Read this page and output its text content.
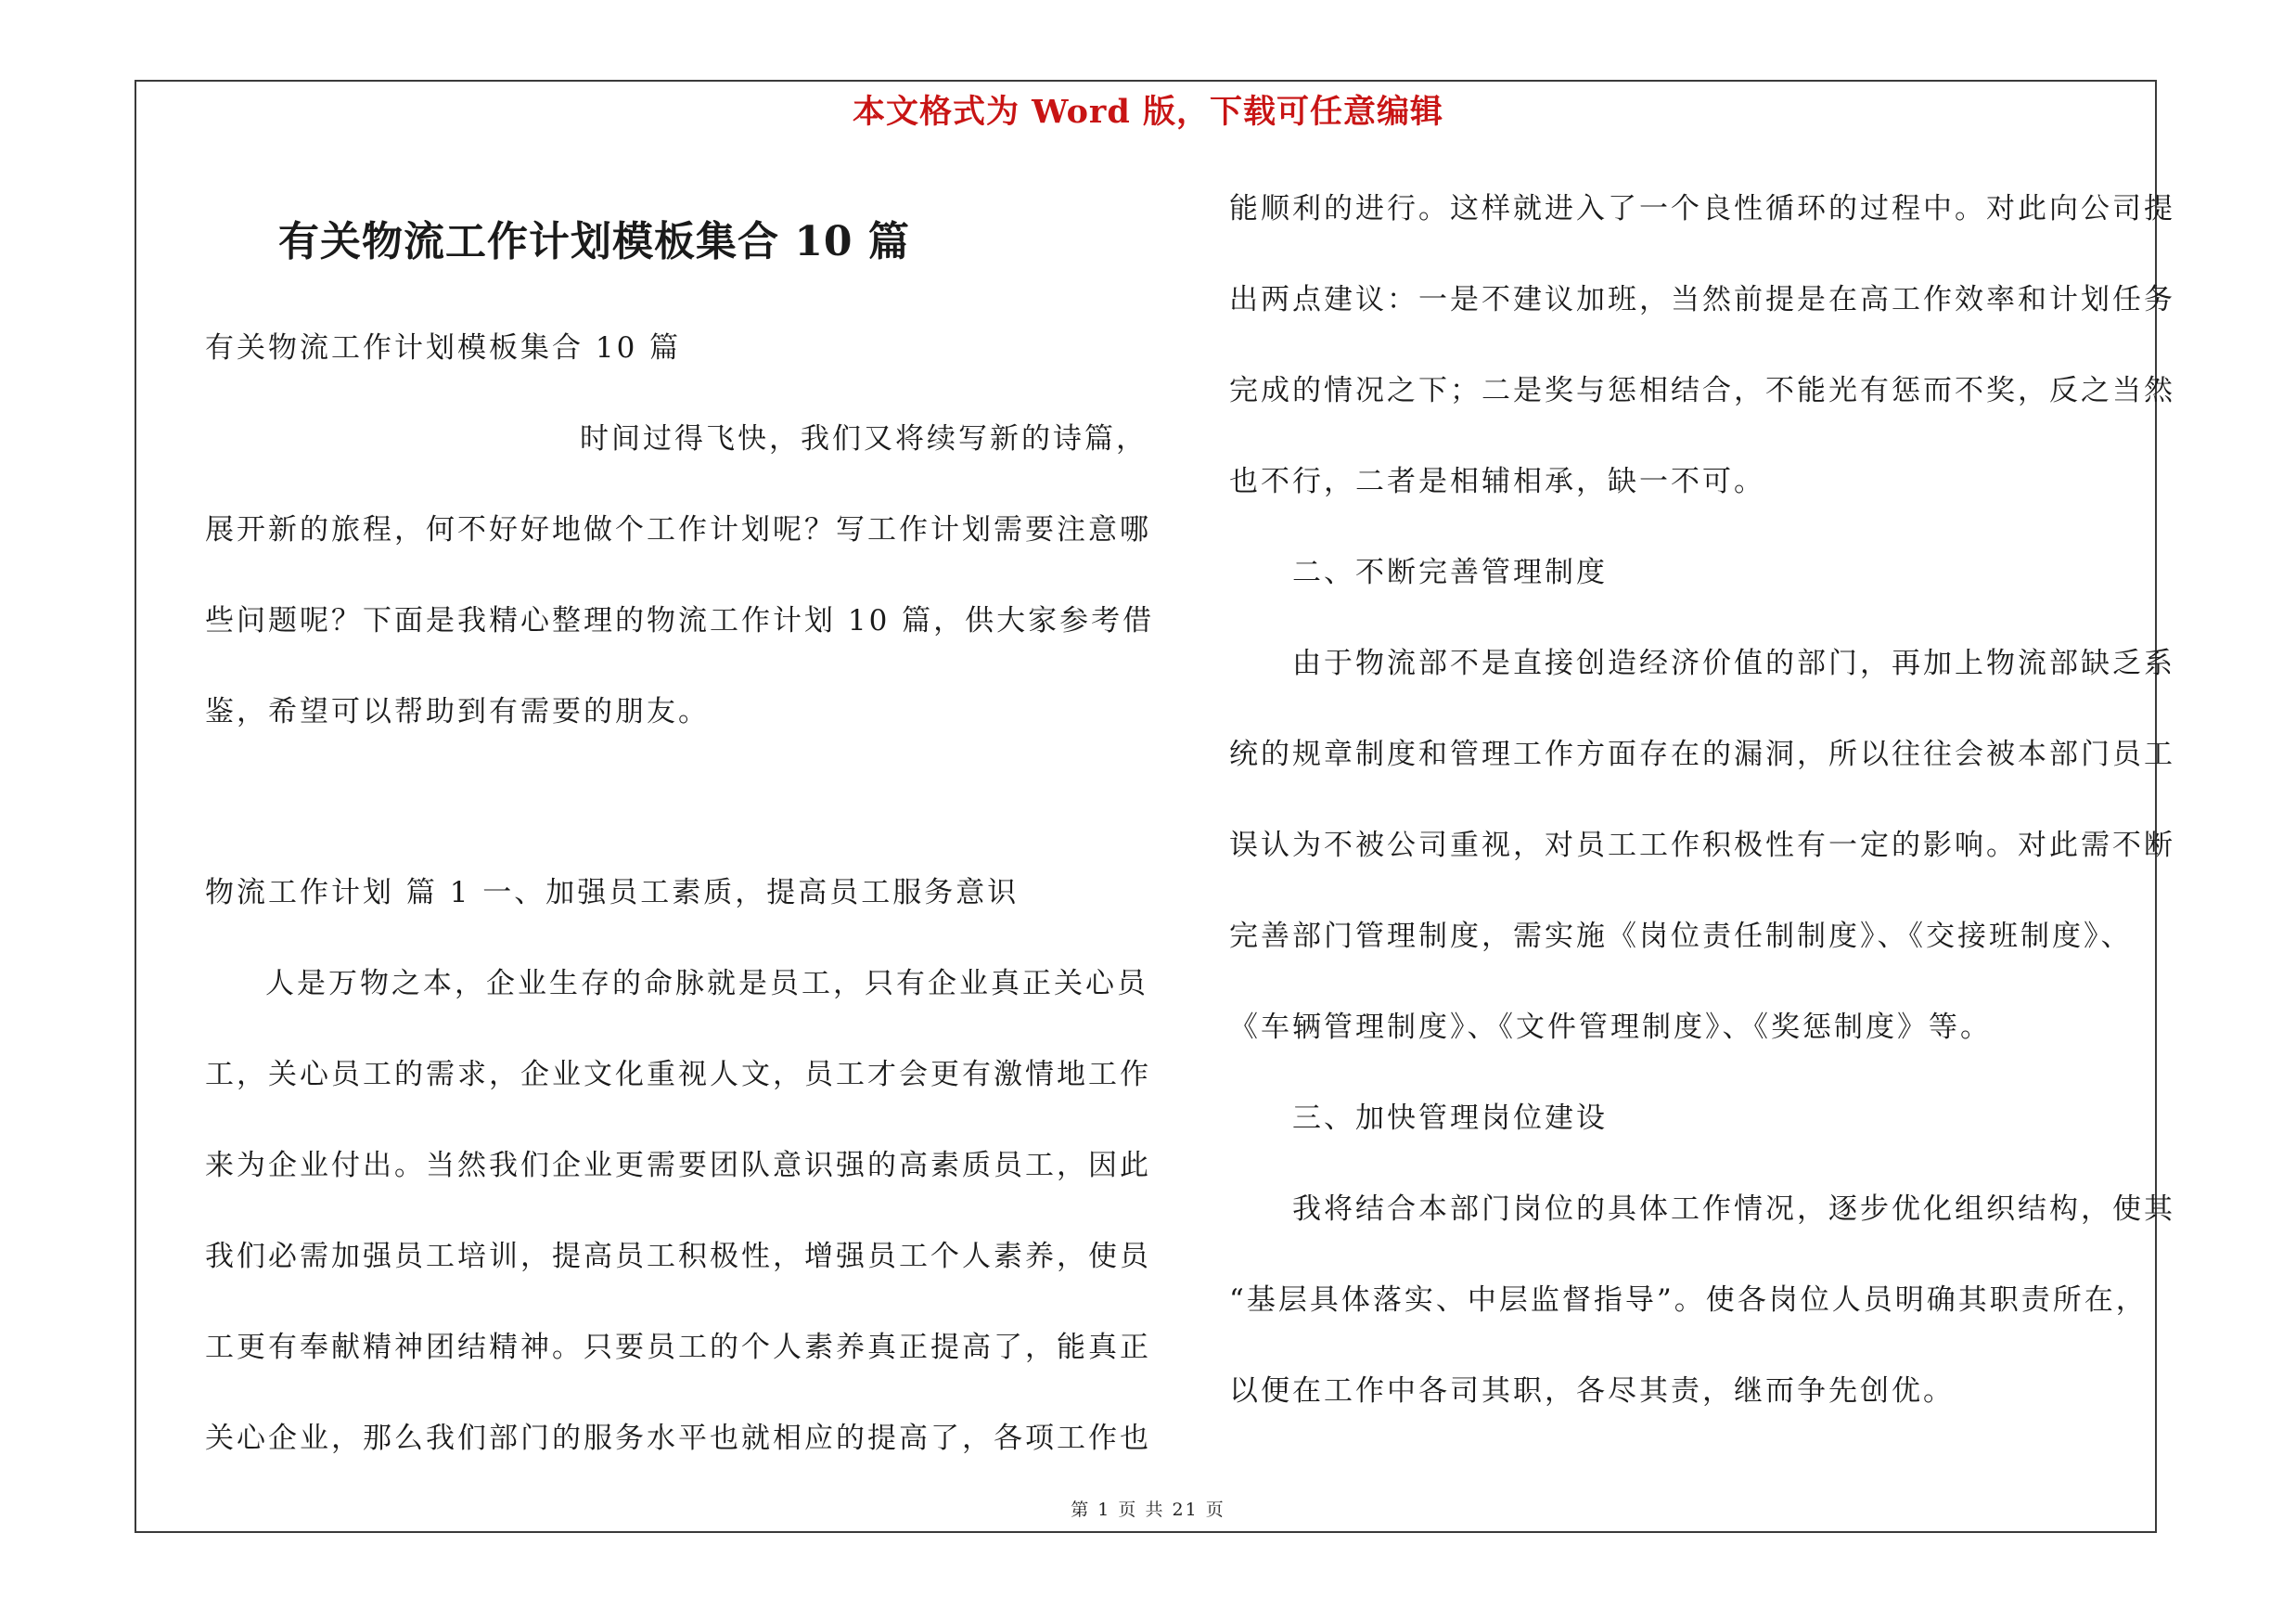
本文格式为 Word 版，下载可任意编辑
有关物流工作计划模板集合 10 篇
有关物流工作计划模板集合 10 篇
时间过得飞快，我们又将续写新的诗篇，
展开新的旅程，何不好好地做个工作计划呢？写工作计划需要注意哪
些问题呢？下面是我精心整理的物流工作计划 10 篇，供大家参考借
鉴，希望可以帮助到有需要的朋友。
物流工作计划 篇 1 一、加强员工素质，提高员工服务意识
人是万物之本，企业生存的命脉就是员工，只有企业真正关心员
工，关心员工的需求，企业文化重视人文，员工才会更有激情地工作
来为企业付出。当然我们企业更需要团队意识强的高素质员工，因此
我们必需加强员工培训，提高员工积极性，增强员工个人素养，使员
工更有奉献精神团结精神。只要员工的个人素养真正提高了，能真正
关心企业，那么我们部门的服务水平也就相应的提高了，各项工作也
能顺利的进行。这样就进入了一个良性循环的过程中。对此向公司提
出两点建议：一是不建议加班，当然前提是在高工作效率和计划任务
完成的情况之下；二是奖与惩相结合，不能光有惩而不奖，反之当然
也不行，二者是相辅相承，缺一不可。
二、不断完善管理制度
由于物流部不是直接创造经济价值的部门，再加上物流部缺乏系
统的规章制度和管理工作方面存在的漏洞，所以往往会被本部门员工
误认为不被公司重视，对员工工作积极性有一定的影响。对此需不断
完善部门管理制度，需实施《岗位责任制制度》、《交接班制度》、
《车辆管理制度》、《文件管理制度》、《奖惩制度》等。
三、加快管理岗位建设
我将结合本部门岗位的具体工作情况，逐步优化组织结构，使其
“基层具体落实、中层监督指导”。使各岗位人员明确其职责所在，
以便在工作中各司其职，各尽其责，继而争先创优。
第 1 页 共 21 页
